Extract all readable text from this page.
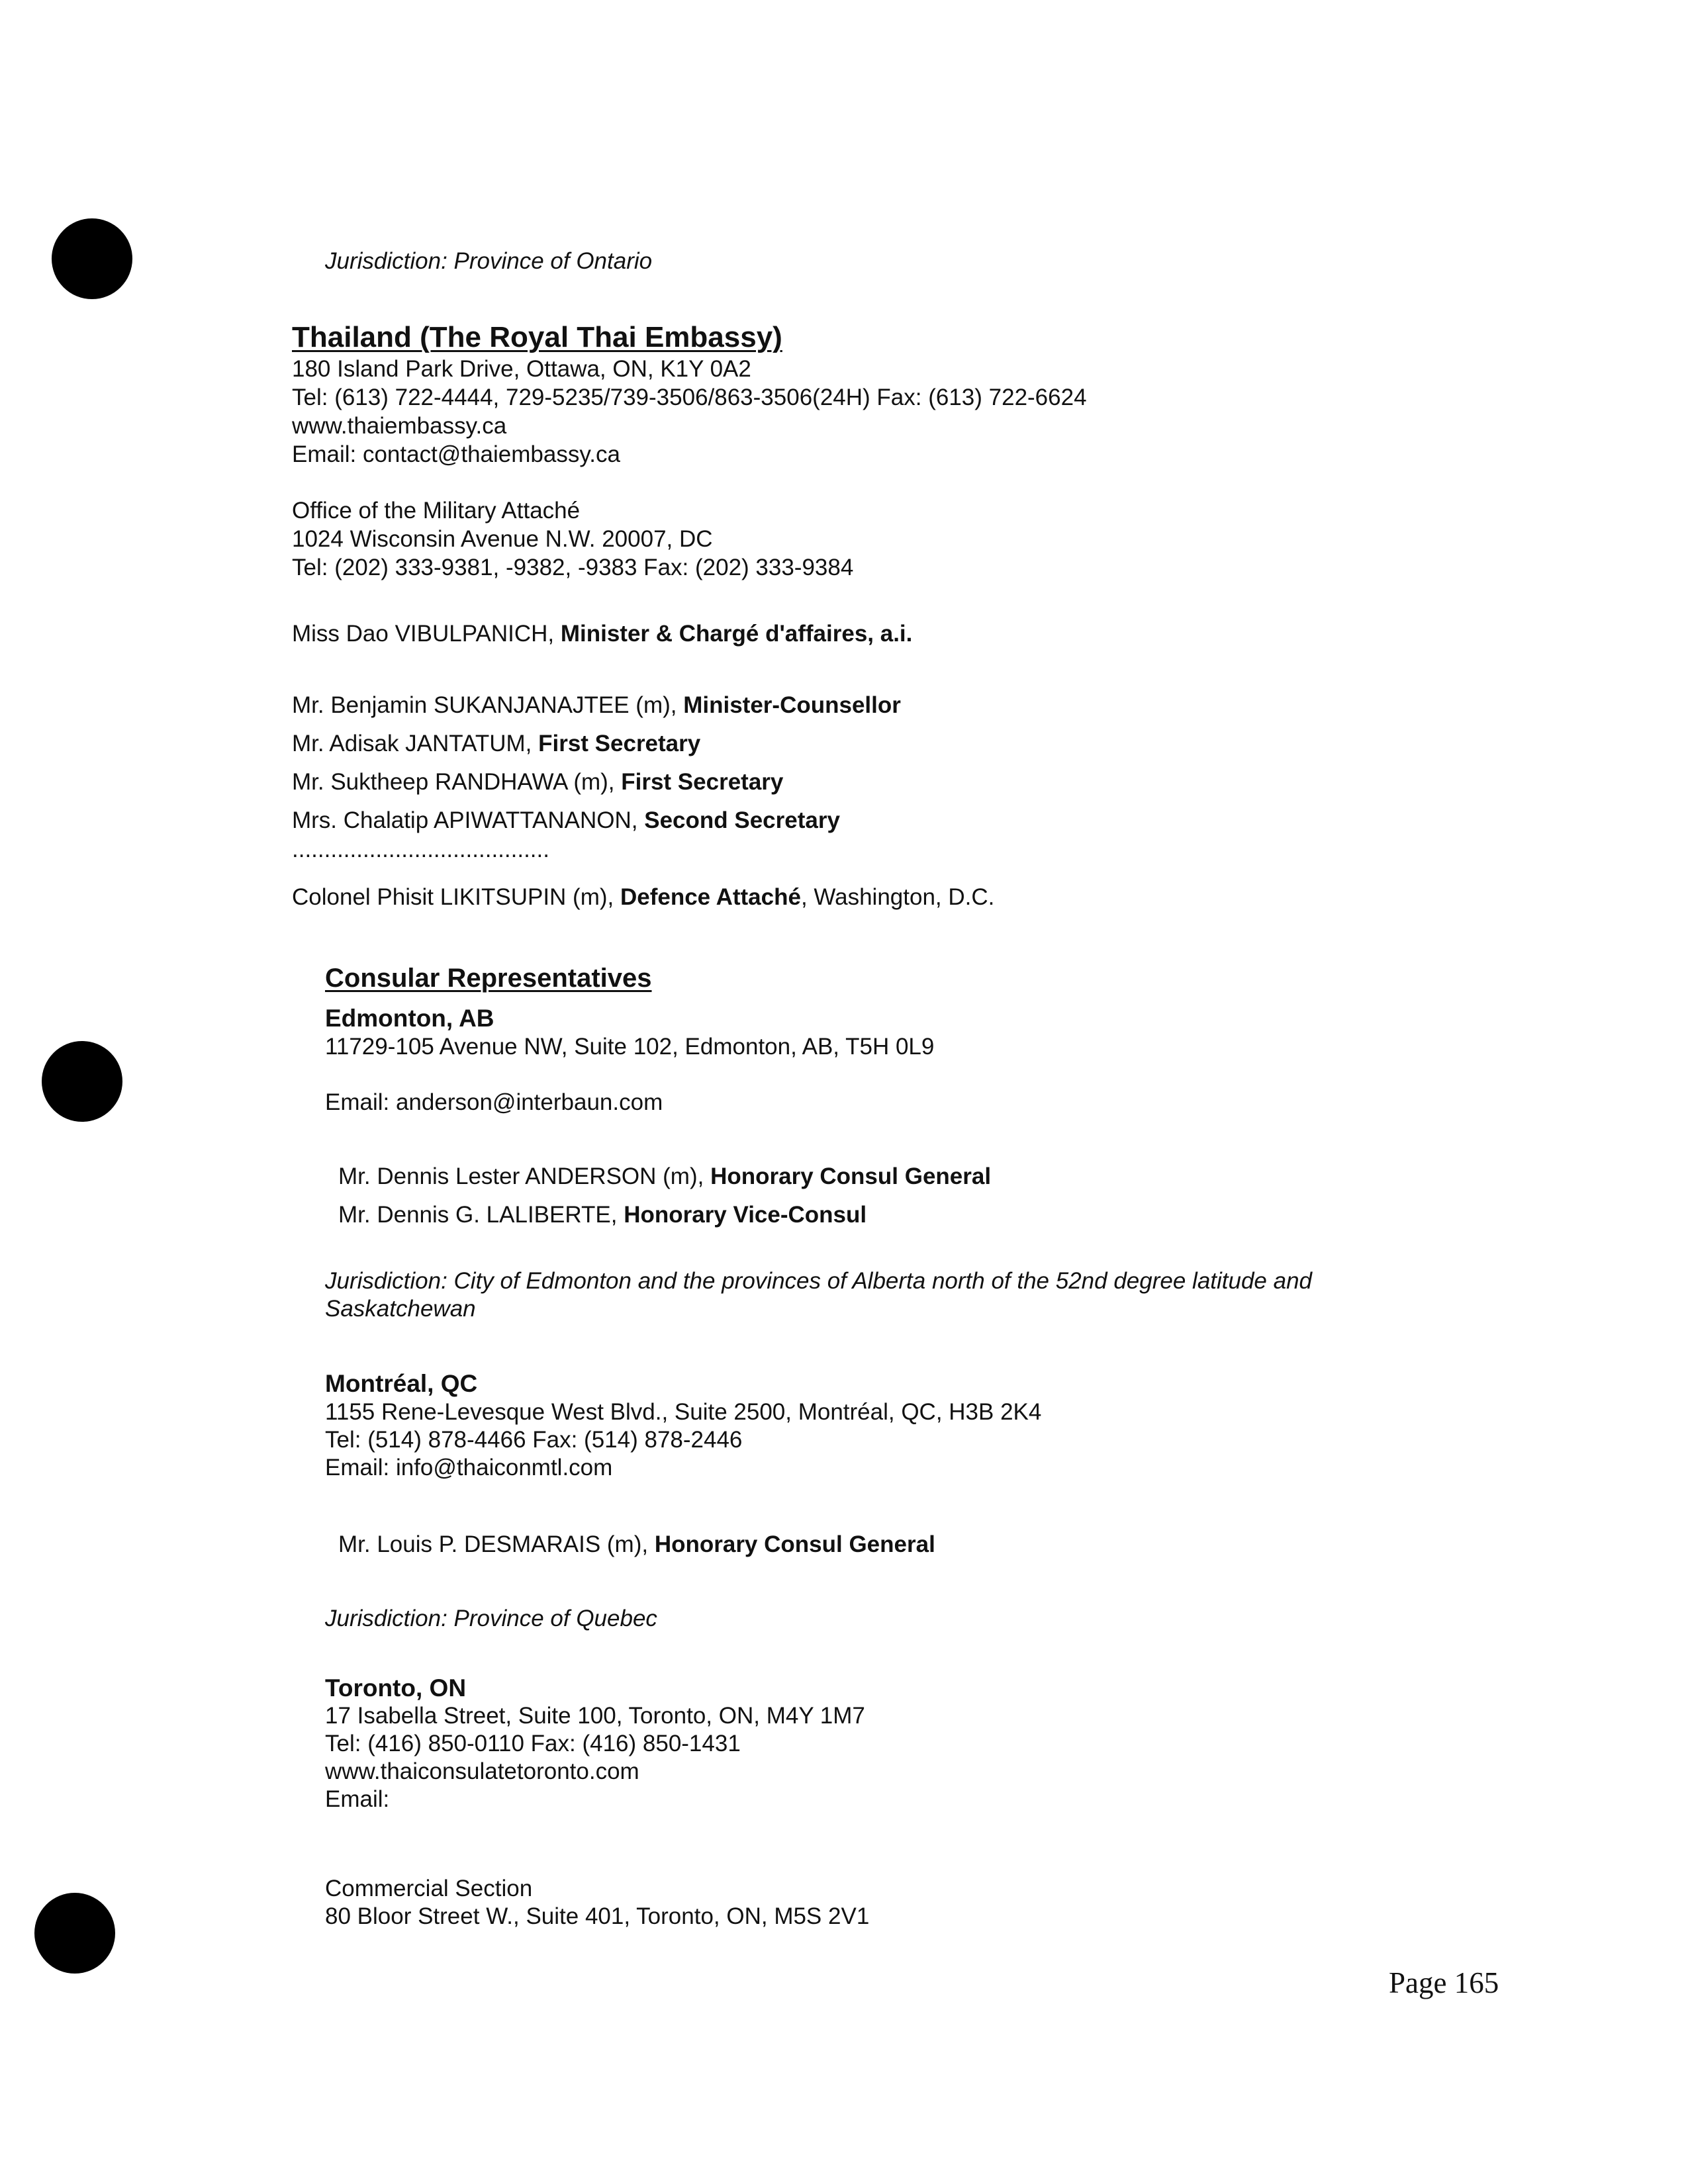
Jurisdiction: Province of Ontario
Thailand (The Royal Thai Embassy)
180 Island Park Drive, Ottawa, ON, K1Y 0A2
Tel: (613) 722-4444, 729-5235/739-3506/863-3506(24H) Fax: (613) 722-6624
www.thaiembassy.ca
Email: contact@thaiembassy.ca
Office of the Military Attaché
1024 Wisconsin Avenue N.W. 20007, DC
Tel: (202) 333-9381, -9382, -9383 Fax: (202) 333-9384
Miss Dao VIBULPANICH, Minister & Chargé d'affaires, a.i.
Mr. Benjamin SUKANJANAJTEE (m), Minister-Counsellor
Mr. Adisak JANTATUM, First Secretary
Mr. Suktheep RANDHAWA (m), First Secretary
Mrs. Chalatip APIWATTANANON, Second Secretary
........................................
Colonel Phisit LIKITSUPIN (m), Defence Attaché, Washington, D.C.
Consular Representatives
Edmonton, AB
11729-105 Avenue NW, Suite 102, Edmonton, AB, T5H 0L9
Email: anderson@interbaun.com
Mr. Dennis Lester ANDERSON (m), Honorary Consul General
Mr. Dennis G. LALIBERTE, Honorary Vice-Consul
Jurisdiction: City of Edmonton and the provinces of Alberta north of the 52nd degree latitude and
Saskatchewan
Montréal, QC
1155 Rene-Levesque West Blvd., Suite 2500, Montréal, QC, H3B 2K4
Tel: (514) 878-4466 Fax: (514) 878-2446
Email: info@thaiconmtl.com
Mr. Louis P. DESMARAIS (m), Honorary Consul General
Jurisdiction: Province of Quebec
Toronto, ON
17 Isabella Street, Suite 100, Toronto, ON, M4Y 1M7
Tel: (416) 850-0110 Fax: (416) 850-1431
www.thaiconsulatetoronto.com
Email:
Commercial Section
80 Bloor Street W., Suite 401, Toronto, ON, M5S 2V1
Page 165
